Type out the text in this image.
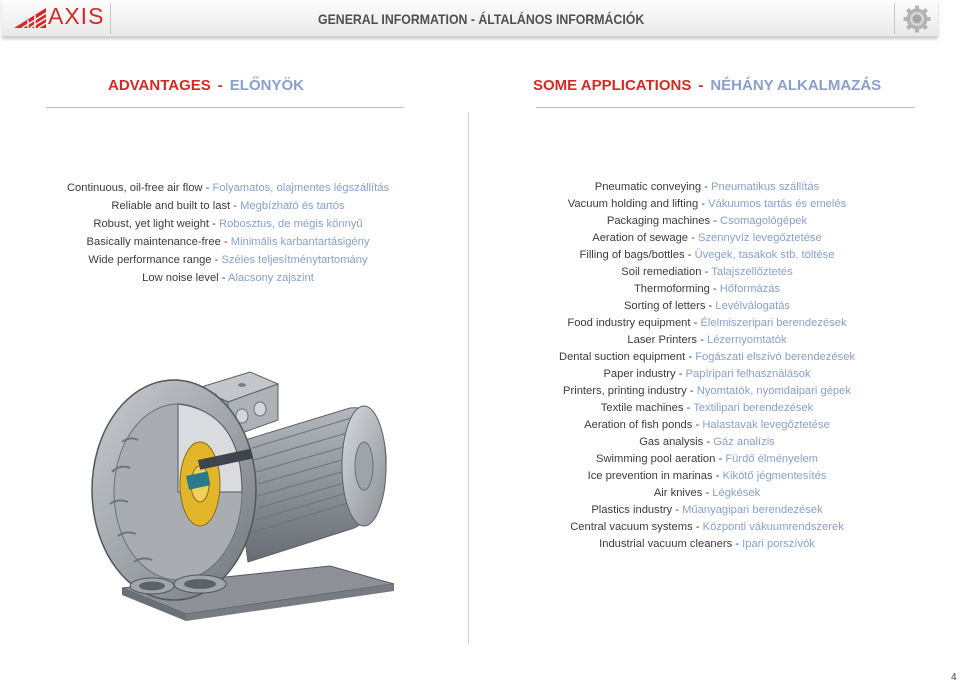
AXIS	GENERAL INFORMATION - ÁLTALÁNOS INFORMÁCIÓK
ADVANTAGES - ELŐNYÖK	SOME APPLICATIONS - NÉHÁNY ALKALMAZÁS
Continuous, oil-free air flow - Folyamatos, olajmentes légszállítás
Reliable and built to last - Megbízható és tartós
Robust, yet light weight - Robosztus, de mégis könnyű
Basically maintenance-free - Minimális karbantartásigény
Wide performance range - Széles teljesítménytartomány
Low noise level - Alacsony zajszint
Pneumatic conveying - Pneumatikus szállítás
Vacuum holding and lifting - Vákuumos tartás és emelés
Packaging machines - Csomagológépek
Aeration of sewage - Szennyvíz levegőztetése
Filling of bags/bottles - Üvegek, tasakok stb. töltése
Soil remediation - Talajszellőztetés
Thermoforming - Hőformázás
Sorting of letters - Levélválogatás
Food industry equipment - Élelmiszeripari berendezések
Laser Printers - Lézernyomtatók
Dental suction equipment - Fogászati elszívó berendezések
Paper industry - Papíripari felhasználások
Printers, printing industry - Nyomtatók, nyomdaipari gépek
Textile machines - Textilipari berendezések
Aeration of fish ponds - Halastavak levegőztetése
Gas analysis - Gáz analízis
Swimming pool aeration - Fürdő élményelem
Ice prevention in marinas - Kikötő jégmentesítés
Air knives - Légkések
Plastics industry - Műanyagipari berendezések
Central vacuum systems - Központi vákuumrendszerek
Industrial vacuum cleaners - Ipari porszívók
4
